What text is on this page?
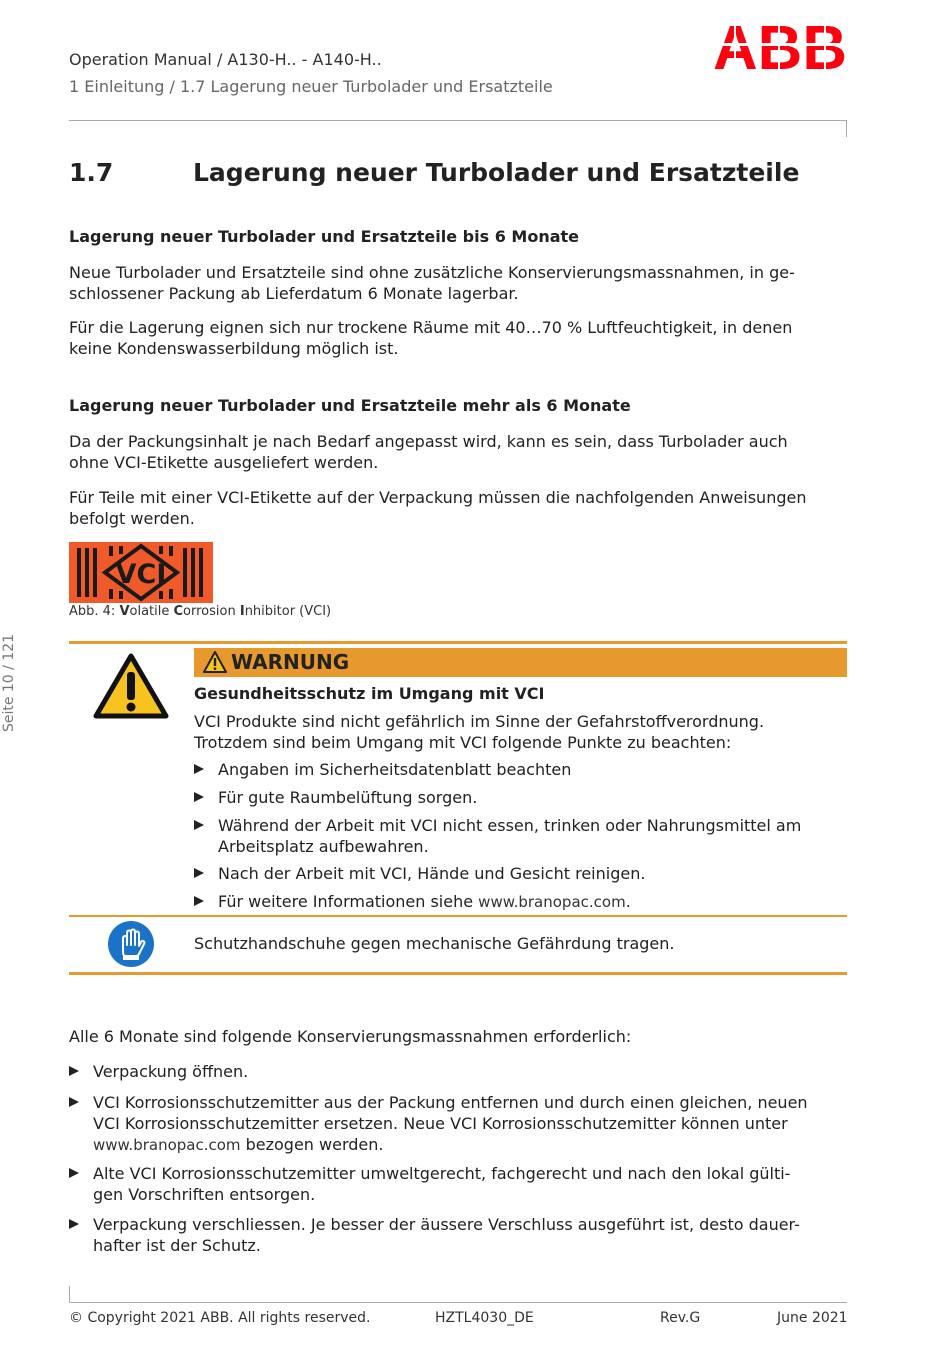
Operation Manual / A130-H.. - A140-H..
1 Einleitung / 1.7 Lagerung neuer Turbolader und Ersatzteile
1.7	Lagerung neuer Turbolader und Ersatzteile
Lagerung neuer Turbolader und Ersatzteile bis 6 Monate
Neue Turbolader und Ersatzteile sind ohne zusätzliche Konservierungsmassnahmen, in ge-
schlossener Packung ab Lieferdatum 6 Monate lagerbar.
Für die Lagerung eignen sich nur trockene Räume mit 40…70 % Luftfeuchtigkeit, in denen
keine Kondenswasserbildung möglich ist.
Lagerung neuer Turbolader und Ersatzteile mehr als 6 Monate
Da der Packungsinhalt je nach Bedarf angepasst wird, kann es sein, dass Turbolader auch
ohne VCI-Etikette ausgeliefert werden.
Für Teile mit einer VCI-Etikette auf der Verpackung müssen die nachfolgenden Anweisungen
befolgt werden.
VCI
Abb. 4: Volatile Corrosion Inhibitor (VCI)
Seite 10 / 121	WARNUNG
Gesundheitsschutz im Umgang mit VCI
VCI Produkte sind nicht gefährlich im Sinne der Gefahrstoffverordnung.
Trotzdem sind beim Umgang mit VCI folgende Punkte zu beachten:
Angaben im Sicherheitsdatenblatt beachten
Für gute Raumbelüftung sorgen.
Während der Arbeit mit VCI nicht essen, trinken oder Nahrungsmittel am
Arbeitsplatz aufbewahren.
Nach der Arbeit mit VCI, Hände und Gesicht reinigen.
Für weitere Informationen siehe www.branopac.com.
Schutzhandschuhe gegen mechanische Gefährdung tragen.
Alle 6 Monate sind folgende Konservierungsmassnahmen erforderlich:
Verpackung öffnen.
VCI Korrosionsschutzemitter aus der Packung entfernen und durch einen gleichen, neuen
VCI Korrosionsschutzemitter ersetzen. Neue VCI Korrosionsschutzemitter können unter
www.branopac.com bezogen werden.
Alte VCI Korrosionsschutzemitter umweltgerecht, fachgerecht und nach den lokal gülti-
gen Vorschriften entsorgen.
Verpackung verschliessen. Je besser der äussere Verschluss ausgeführt ist, desto dauer-
hafter ist der Schutz.
© Copyright 2021 ABB. All rights reserved.	HZTL4030_DE	Rev.G	June 2021
